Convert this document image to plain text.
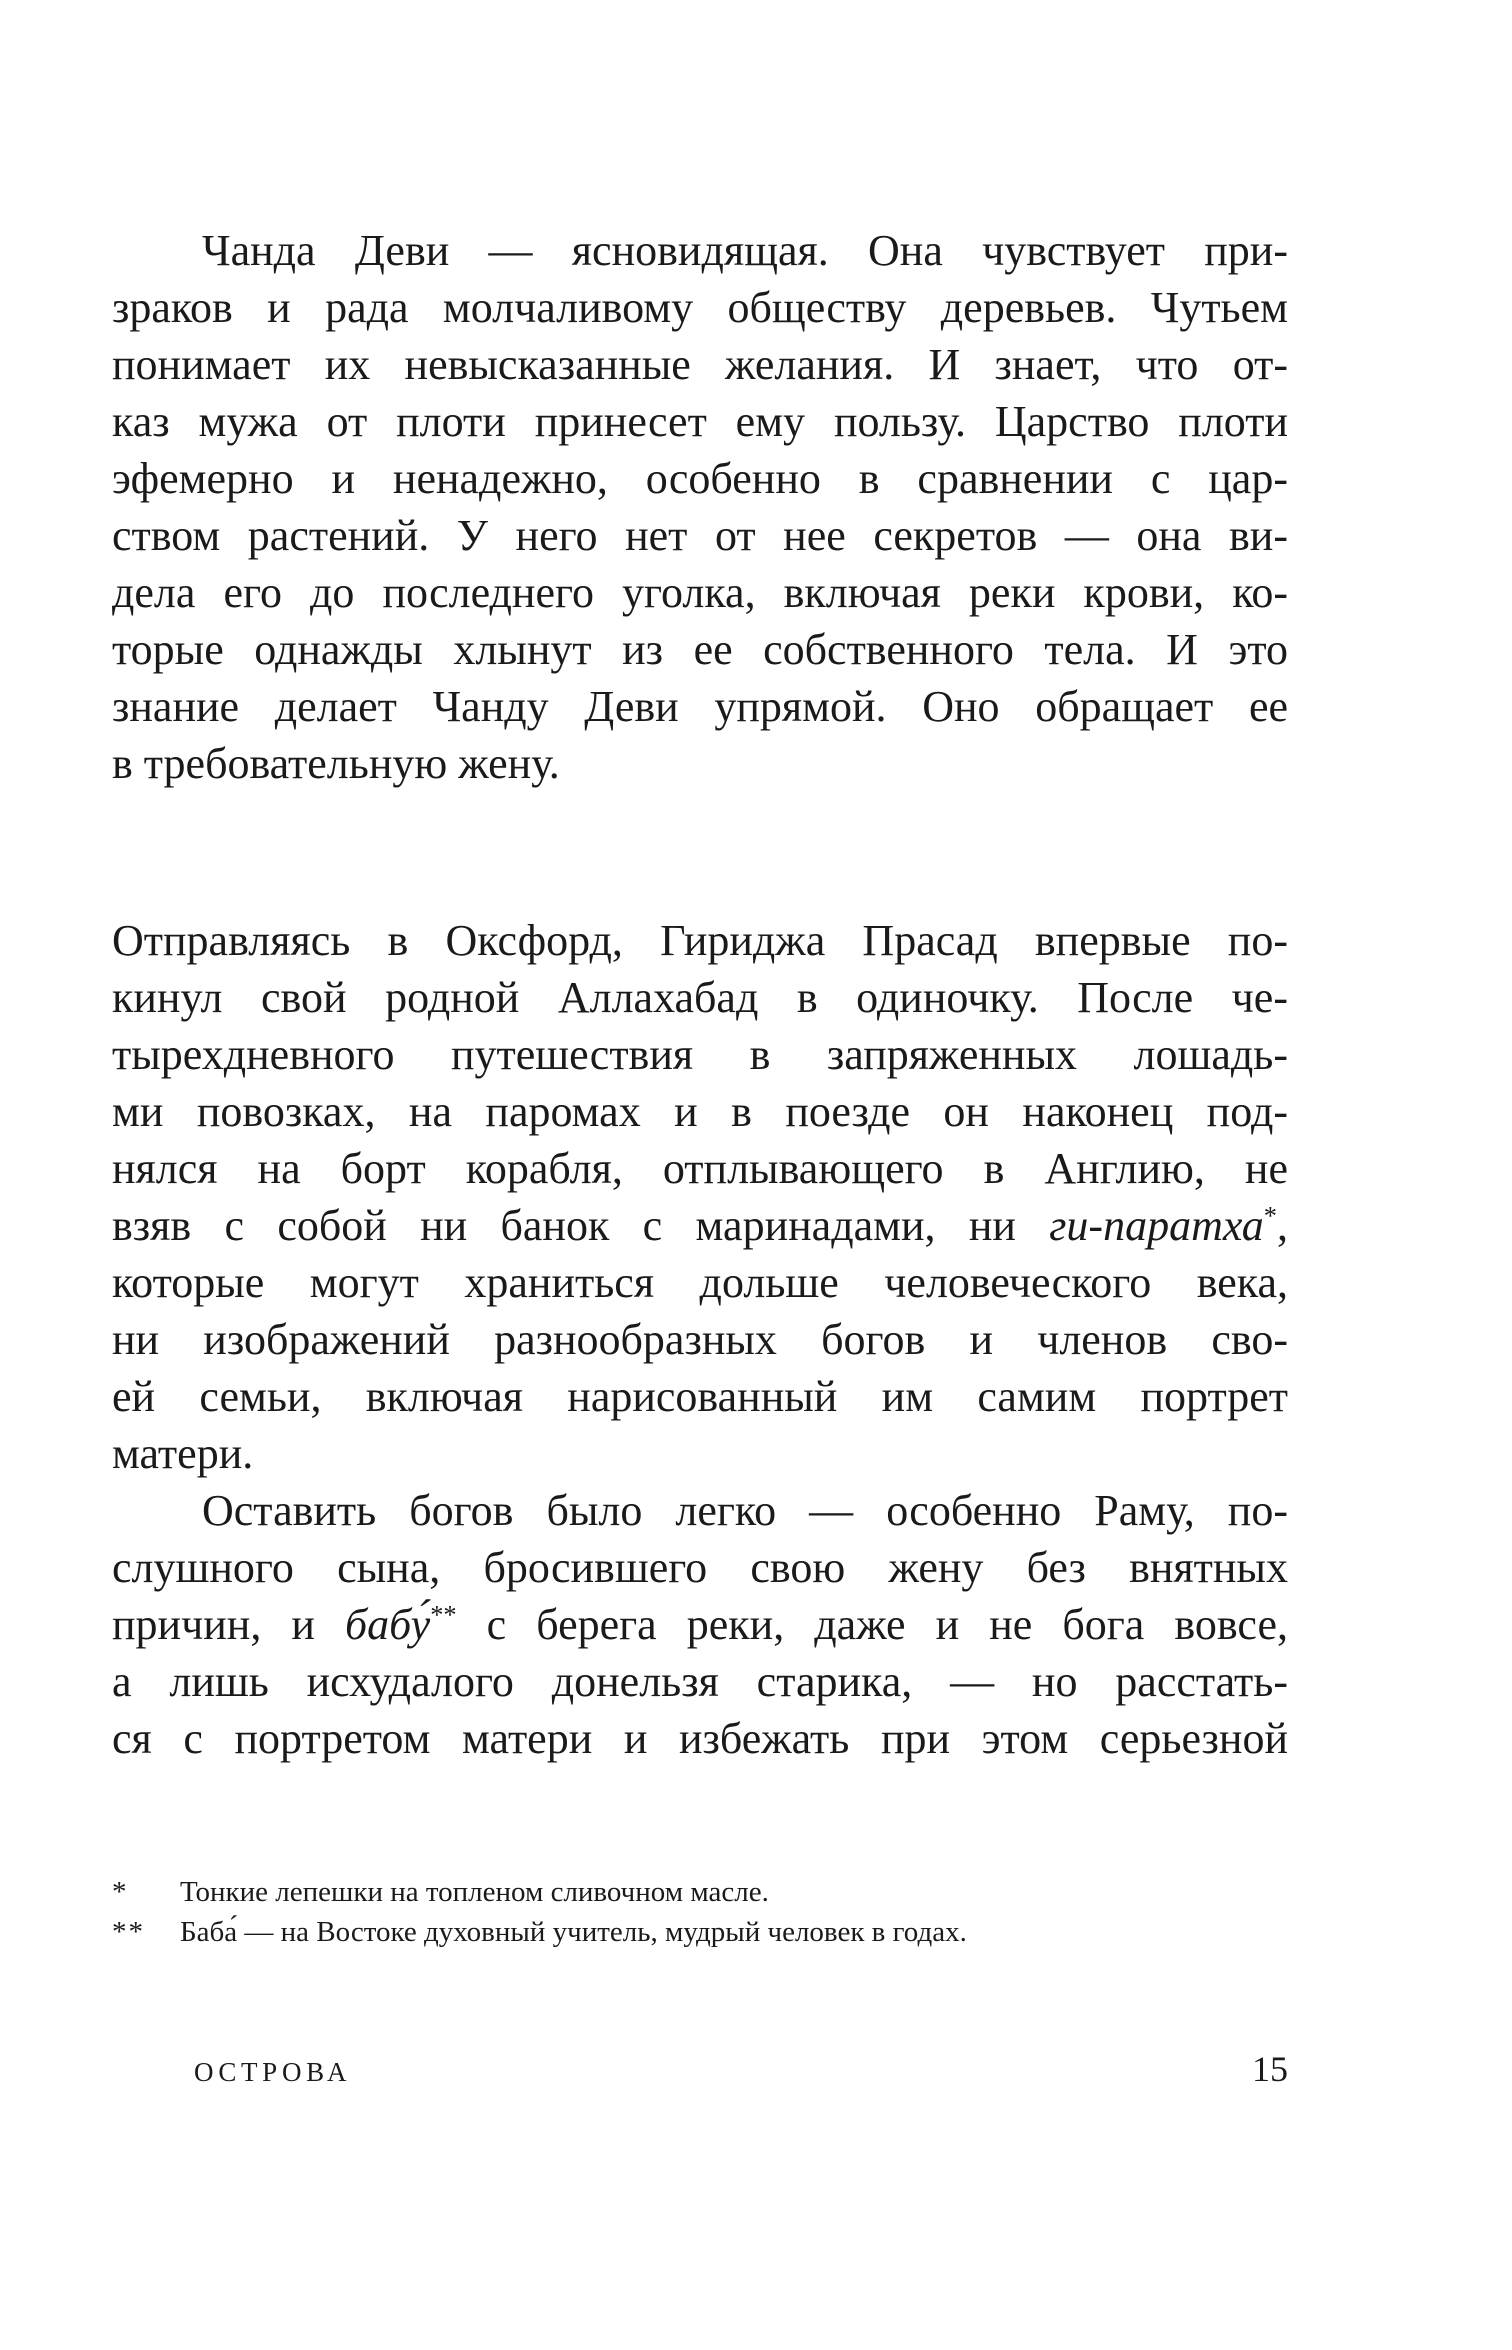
Чанда Деви — ясновидящая. Она чувствует при-
зраков и рада молчаливому обществу деревьев. Чутьем
понимает их невысказанные желания. И знает, что от-
каз мужа от плоти принесет ему пользу. Царство плоти
эфемерно и ненадежно, особенно в сравнении с цар-
ством растений. У него нет от нее секретов — она ви-
дела его до последнего уголка, включая реки крови, ко-
торые однажды хлынут из ее собственного тела. И это
знание делает Чанду Деви упрямой. Оно обращает ее
в требовательную жену.
Отправляясь в Оксфорд, Гириджа Прасад впервые по-
кинул свой родной Аллахабад в одиночку. После че-
тырехдневного путешествия в запряженных лошадь-
ми повозках, на паромах и в поезде он наконец под-
нялся на борт корабля, отплывающего в Англию, не
взяв с собой ни банок с маринадами, ни ги-паратха*,
которые могут храниться дольше человеческого века,
ни изображений разнообразных богов и членов сво-
ей семьи, включая нарисованный им самим портрет
матери.
Оставить богов было легко — особенно Раму, по-
слушного сына, бросившего свою жену без внятных
причин, и бабу́** с берега реки, даже и не бога вовсе,
а лишь исхудалого донельзя старика, — но расстать-
ся с портретом матери и избежать при этом серьезной
*	Тонкие лепешки на топленом сливочном масле.
**	Баба́ — на Востоке духовный учитель, мудрый человек в годах.
ОСТРОВА	15
